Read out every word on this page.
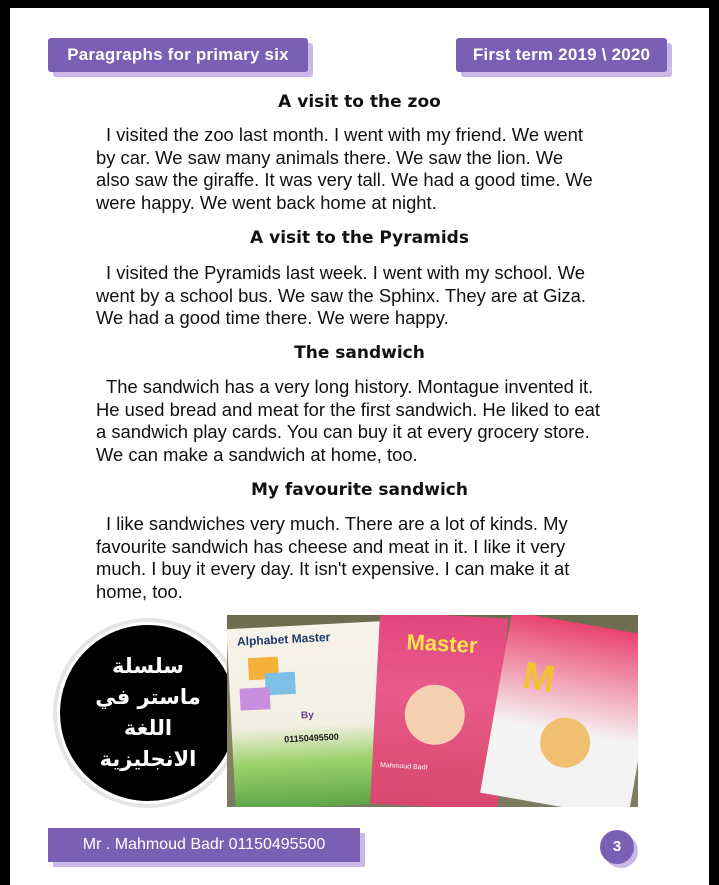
Paragraphs for primary six	First term 2019 \ 2020
A visit to the zoo
I visited the zoo last month. I went with my friend. We went
by car. We saw many animals there. We saw the lion. We
also saw the giraffe. It was very tall. We had a good time. We
were happy. We went back home at night.
A visit to the Pyramids
I visited the Pyramids last week. I went with my school. We
went by a school bus. We saw the Sphinx. They are at Giza.
We had a good time there. We were happy.
The sandwich
The sandwich has a very long history. Montague invented it.
He used bread and meat for the first sandwich. He liked to eat
a sandwich play cards. You can buy it at every grocery store.
We can make a sandwich at home, too.
My favourite sandwich
I like sandwiches very much. There are a lot of kinds. My
favourite sandwich has cheese and meat in it. I like it very
much. I buy it every day. It isn't expensive. I can make it at
home, too.
سلسلة
ماستر في
اللغة
الانجليزية
Alphabet Master
By
01150495500
Master
Mahmoud Badr
M
Mr . Mahmoud Badr 01150495500	3
